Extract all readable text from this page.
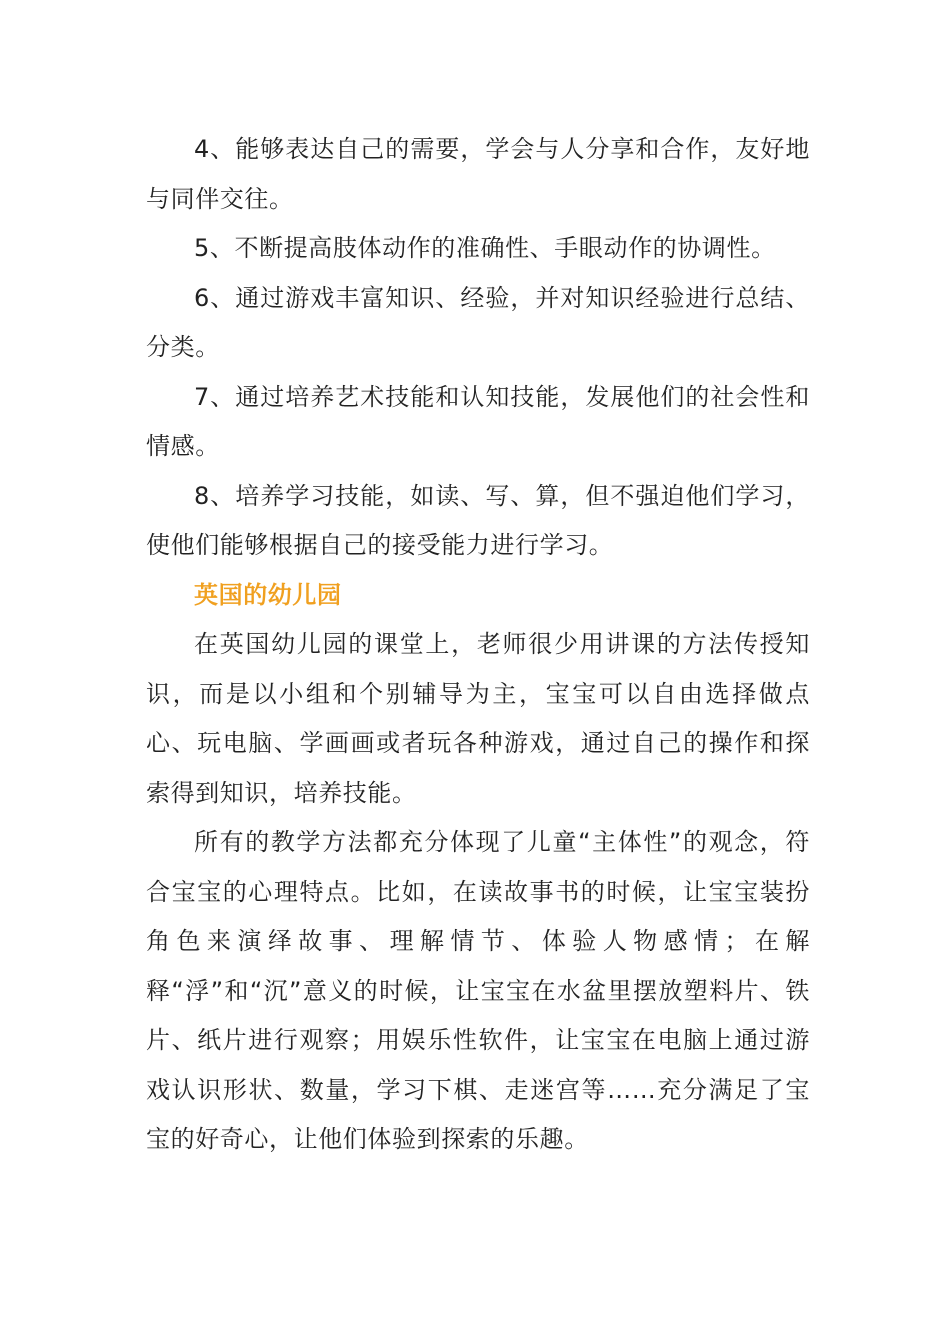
4、能够表达自己的需要，学会与人分享和合作，友好地与同伴交往。

5、不断提高肢体动作的准确性、手眼动作的协调性。

6、通过游戏丰富知识、经验，并对知识经验进行总结、分类。

7、通过培养艺术技能和认知技能，发展他们的社会性和情感。

8、培养学习技能，如读、写、算，但不强迫他们学习，使他们能够根据自己的接受能力进行学习。

英国的幼儿园

在英国幼儿园的课堂上，老师很少用讲课的方法传授知识，而是以小组和个别辅导为主，宝宝可以自由选择做点心、玩电脑、学画画或者玩各种游戏，通过自己的操作和探索得到知识，培养技能。

所有的教学方法都充分体现了儿童“主体性”的观念，符合宝宝的心理特点。比如，在读故事书的时候，让宝宝装扮角色来演绎故事、理解情节、体验人物感情；在解释“浮”和“沉”意义的时候，让宝宝在水盆里摆放塑料片、铁片、纸片进行观察；用娱乐性软件，让宝宝在电脑上通过游戏认识形状、数量，学习下棋、走迷宫等……充分满足了宝宝的好奇心，让他们体验到探索的乐趣。
